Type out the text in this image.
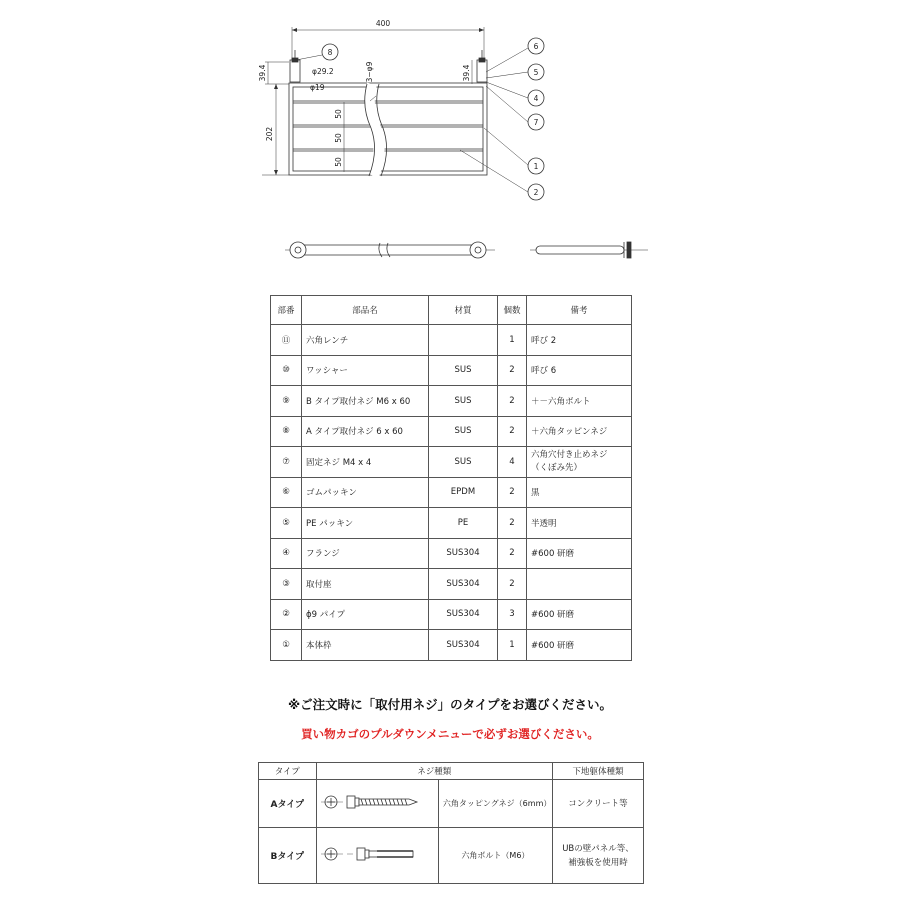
400
202
39.4	39.4
φ29.2
φ19
3−φ9
50
50
50
8
6
5
4
7
1
2
部番	部品名	材質	個数	備考
⑪	六角レンチ		1	呼び 2
⑩	ワッシャー	SUS	2	呼び 6
⑨	B タイプ取付ネジ M6 x 60	SUS	2	＋－六角ボルト
⑧	A タイプ取付ネジ 6 x 60	SUS	2	＋六角タッピンネジ
⑦	固定ネジ M4 x 4	SUS	4	六角穴付き止めネジ
（くぼみ先）

⑥	ゴムパッキン	EPDM	2	黒
⑤	PE パッキン	PE	2	半透明
④	フランジ	SUS304	2	#600 研磨
③	取付座	SUS304	2	
②	ϕ9 パイプ	SUS304	3	#600 研磨
①	本体枠	SUS304	1	#600 研磨
※ご注文時に「取付用ネジ」のタイプをお選びください。
買い物カゴのプルダウンメニューで必ずお選びください。
タイプ	ネジ種類		下地躯体種類
Aタイプ		六角タッピングネジ（6mm）	コンクリート等

Bタイプ		六角ボルト（M6）	UBの壁パネル等、
補強板を使用時
